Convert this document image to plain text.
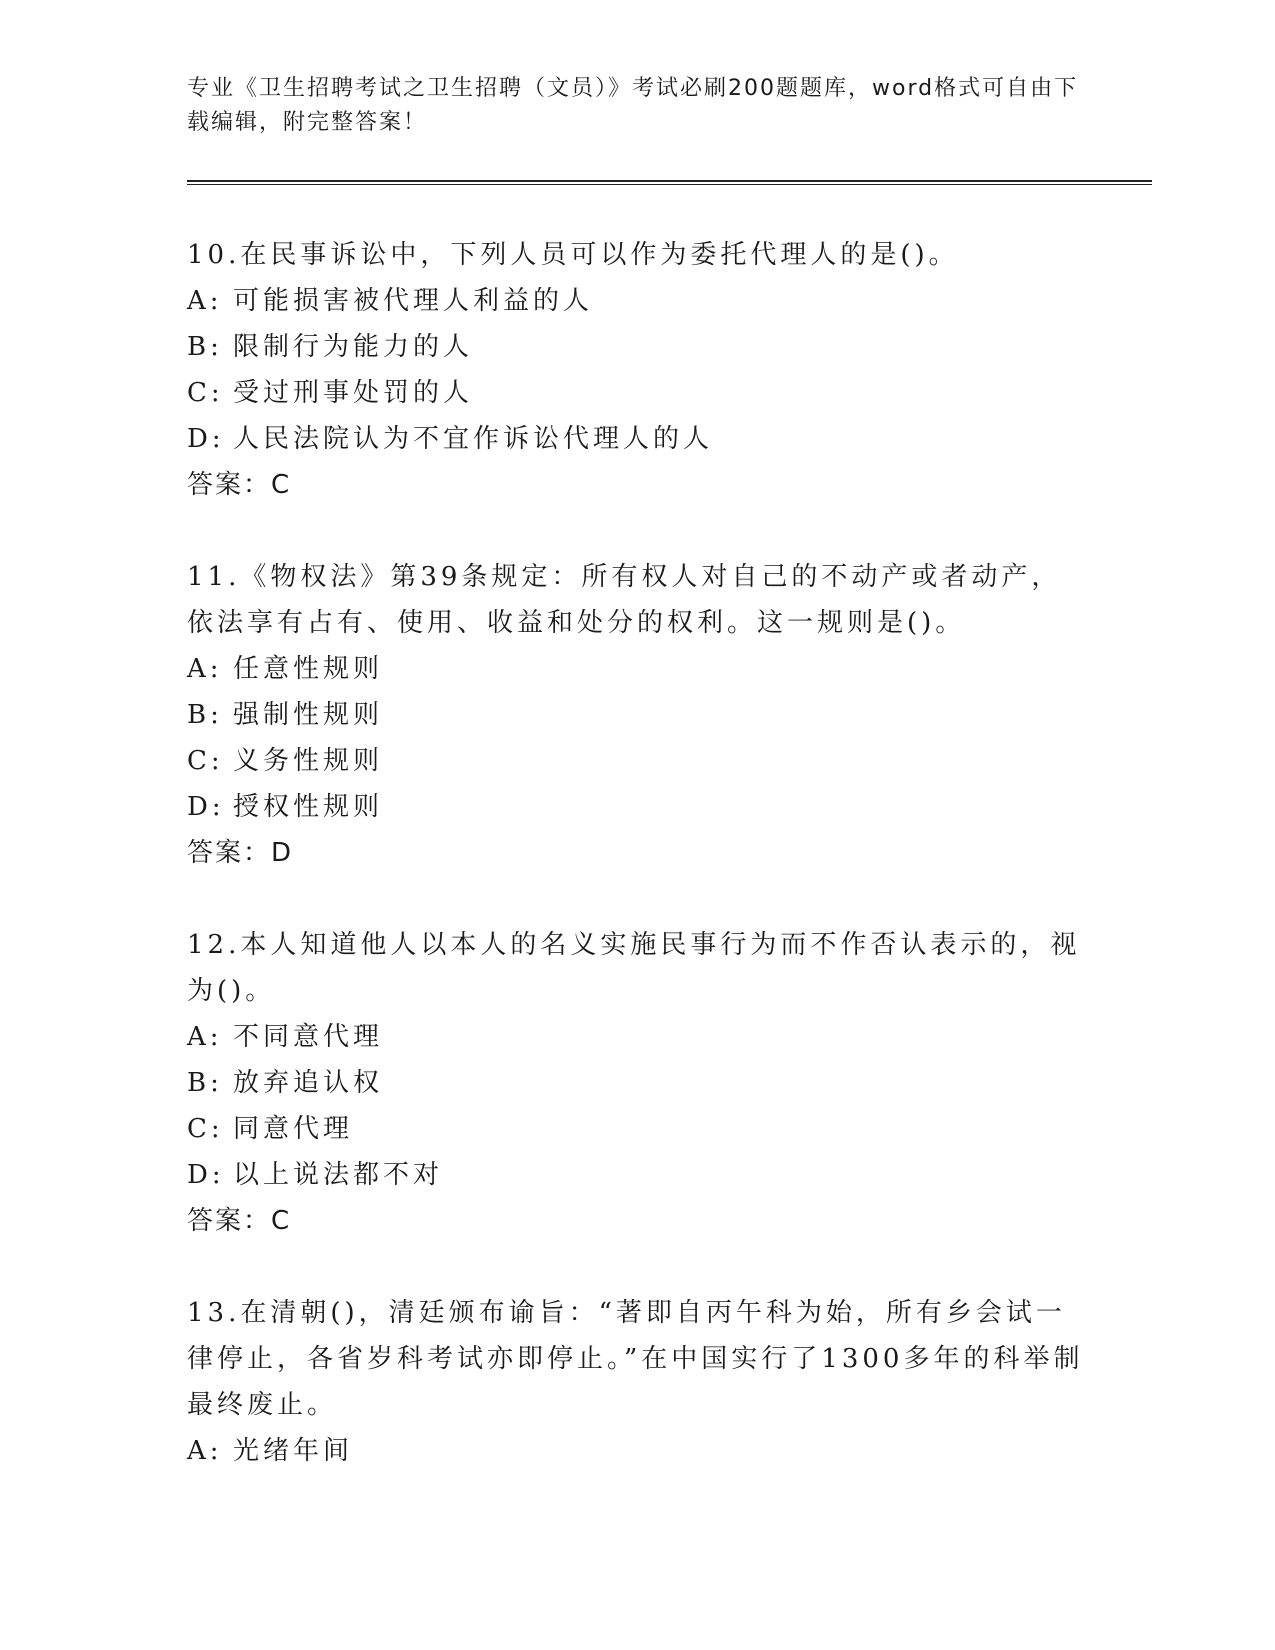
专业《卫生招聘考试之卫生招聘（文员）》考试必刷200题题库，word格式可自由下载编辑，附完整答案！

10.在民事诉讼中，下列人员可以作为委托代理人的是()。

A: 可能损害被代理人利益的人

B: 限制行为能力的人

C: 受过刑事处罚的人

D: 人民法院认为不宜作诉讼代理人的人

答案：C

11.《物权法》第39条规定：所有权人对自己的不动产或者动产，依法享有占有、使用、收益和处分的权利。这一规则是()。

A: 任意性规则

B: 强制性规则

C: 义务性规则

D: 授权性规则

答案：D

12.本人知道他人以本人的名义实施民事行为而不作否认表示的，视为()。

A: 不同意代理

B: 放弃追认权

C: 同意代理

D: 以上说法都不对

答案：C

13.在清朝()，清廷颁布谕旨：“著即自丙午科为始，所有乡会试一律停止，各省岁科考试亦即停止。”在中国实行了1300多年的科举制最终废止。

A: 光绪年间
